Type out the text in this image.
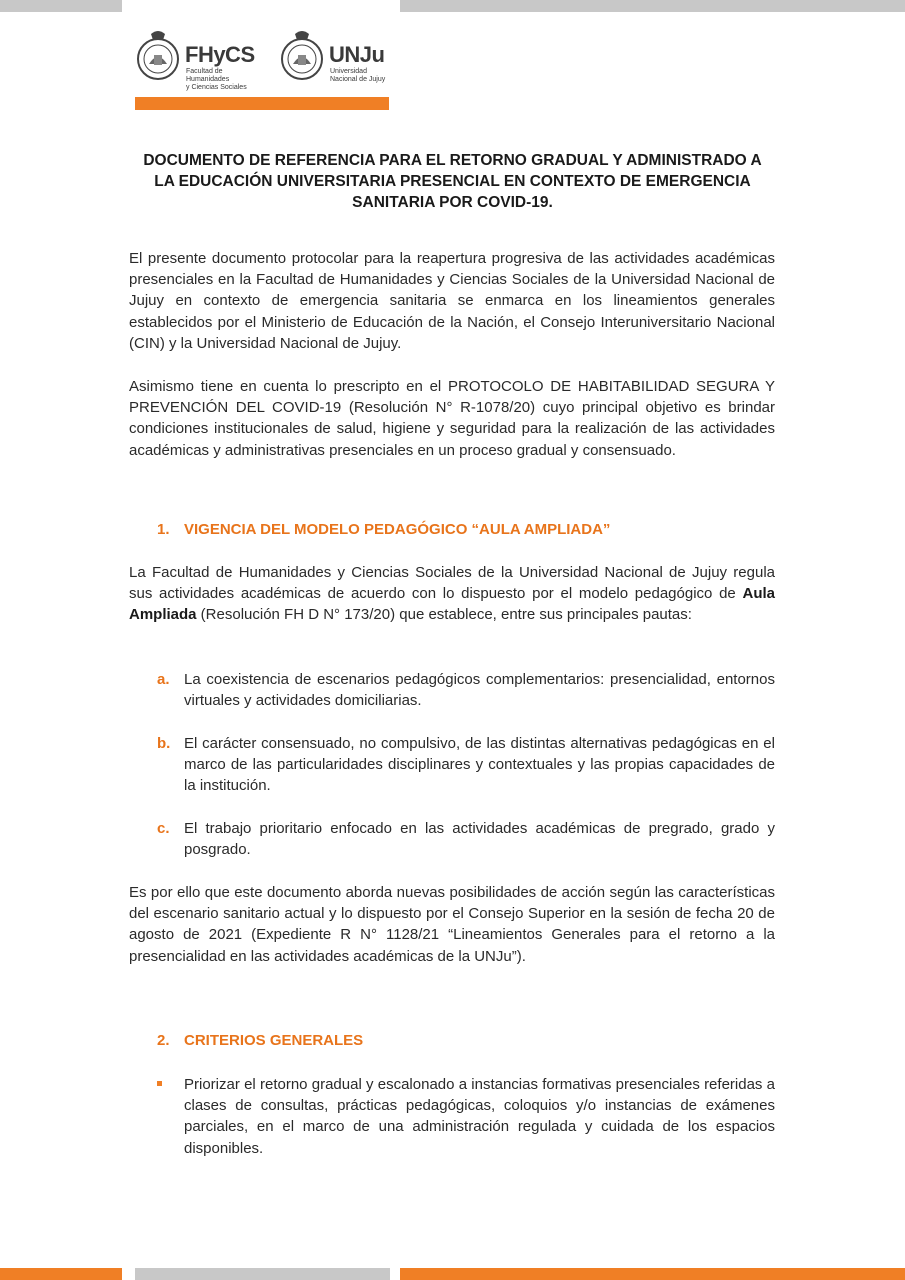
FHyCS
Facultad de Humanidades
y Ciencias Sociales
UNJu
Universidad
Nacional de Jujuy
DOCUMENTO DE REFERENCIA PARA EL RETORNO GRADUAL Y ADMINISTRADO A LA EDUCACIÓN UNIVERSITARIA PRESENCIAL EN CONTEXTO DE EMERGENCIA SANITARIA POR COVID-19.
El presente documento protocolar para la reapertura progresiva de las actividades académicas presenciales en la Facultad de Humanidades y Ciencias Sociales de la Universidad Nacional de Jujuy en contexto de emergencia sanitaria se enmarca en los lineamientos generales establecidos por el Ministerio de Educación de la Nación, el Consejo Interuniversitario Nacional (CIN) y la Universidad Nacional de Jujuy.
Asimismo tiene en cuenta lo prescripto en el PROTOCOLO DE HABITABILIDAD SEGURA Y PREVENCIÓN DEL COVID-19 (Resolución N° R-1078/20) cuyo principal objetivo es brindar condiciones institucionales de salud, higiene y seguridad para la realización de las actividades académicas y administrativas presenciales en un proceso gradual y consensuado.
1. VIGENCIA DEL MODELO PEDAGÓGICO “AULA AMPLIADA”
La Facultad de Humanidades y Ciencias Sociales de la Universidad Nacional de Jujuy regula sus actividades académicas de acuerdo con lo dispuesto por el modelo pedagógico de Aula Ampliada (Resolución FH D N° 173/20) que establece, entre sus principales pautas:
a. La coexistencia de escenarios pedagógicos complementarios: presencialidad, entornos virtuales y actividades domiciliarias.
b. El carácter consensuado, no compulsivo, de las distintas alternativas pedagógicas en el marco de las particularidades disciplinares y contextuales y las propias capacidades de la institución.
c. El trabajo prioritario enfocado en las actividades académicas de pregrado, grado y posgrado.
Es por ello que este documento aborda nuevas posibilidades de acción según las características del escenario sanitario actual y lo dispuesto por el Consejo Superior en la sesión de fecha 20 de agosto de 2021 (Expediente R N° 1128/21 “Lineamientos Generales para el retorno a la presencialidad en las actividades académicas de la UNJu”).
2. CRITERIOS GENERALES
Priorizar el retorno gradual y escalonado a instancias formativas presenciales referidas a clases de consultas, prácticas pedagógicas, coloquios y/o instancias de exámenes parciales, en el marco de una administración regulada y cuidada de los espacios disponibles.
